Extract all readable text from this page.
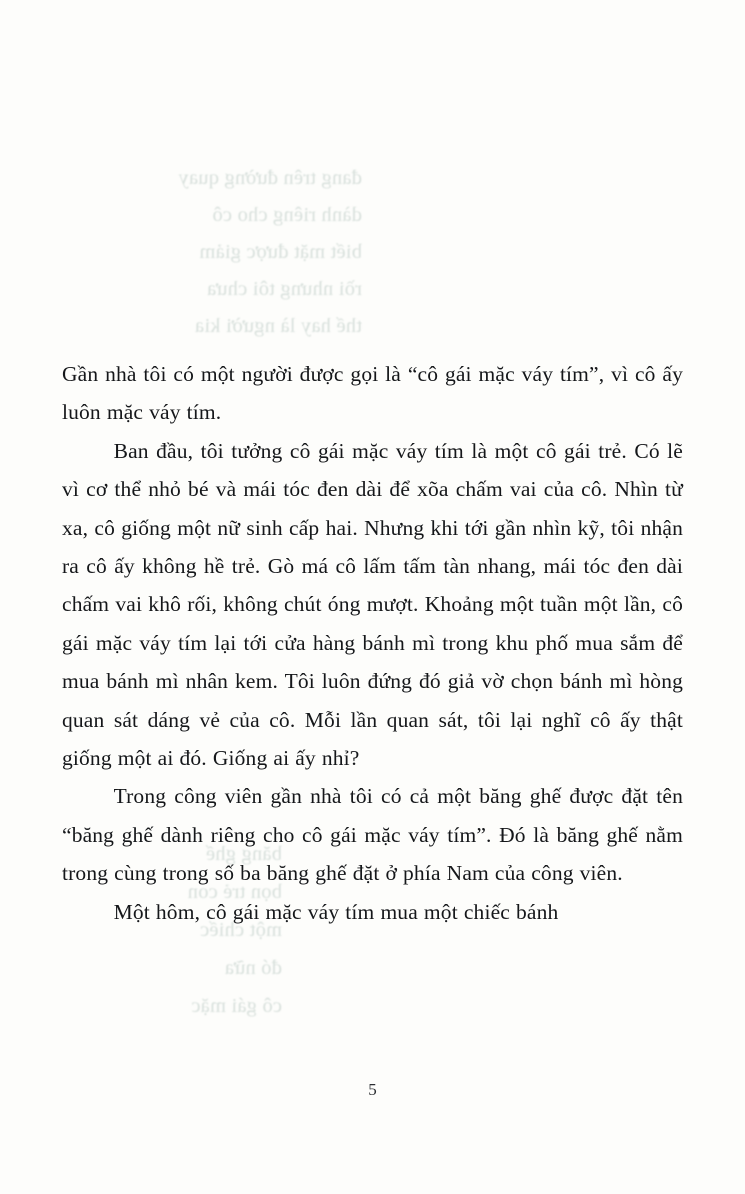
đang trên đường quay
dành riêng cho cô
biết mặt được giảm
rồi nhưng tôi chưa
thế hay là người kia
băng ghế
bọn trẻ con
một chiếc
đó nữa
cô gái mặc

Gần nhà tôi có một người được gọi là “cô gái mặc váy tím”, vì cô ấy luôn mặc váy tím.

Ban đầu, tôi tưởng cô gái mặc váy tím là một cô gái trẻ. Có lẽ vì cơ thể nhỏ bé và mái tóc đen dài để xõa chấm vai của cô. Nhìn từ xa, cô giống một nữ sinh cấp hai. Nhưng khi tới gần nhìn kỹ, tôi nhận ra cô ấy không hề trẻ. Gò má cô lấm tấm tàn nhang, mái tóc đen dài chấm vai khô rối, không chút óng mượt. Khoảng một tuần một lần, cô gái mặc váy tím lại tới cửa hàng bánh mì trong khu phố mua sắm để mua bánh mì nhân kem. Tôi luôn đứng đó giả vờ chọn bánh mì hòng quan sát dáng vẻ của cô. Mỗi lần quan sát, tôi lại nghĩ cô ấy thật giống một ai đó. Giống ai ấy nhỉ?

Trong công viên gần nhà tôi có cả một băng ghế được đặt tên “băng ghế dành riêng cho cô gái mặc váy tím”. Đó là băng ghế nằm trong cùng trong số ba băng ghế đặt ở phía Nam của công viên.

Một hôm, cô gái mặc váy tím mua một chiếc bánh

5
